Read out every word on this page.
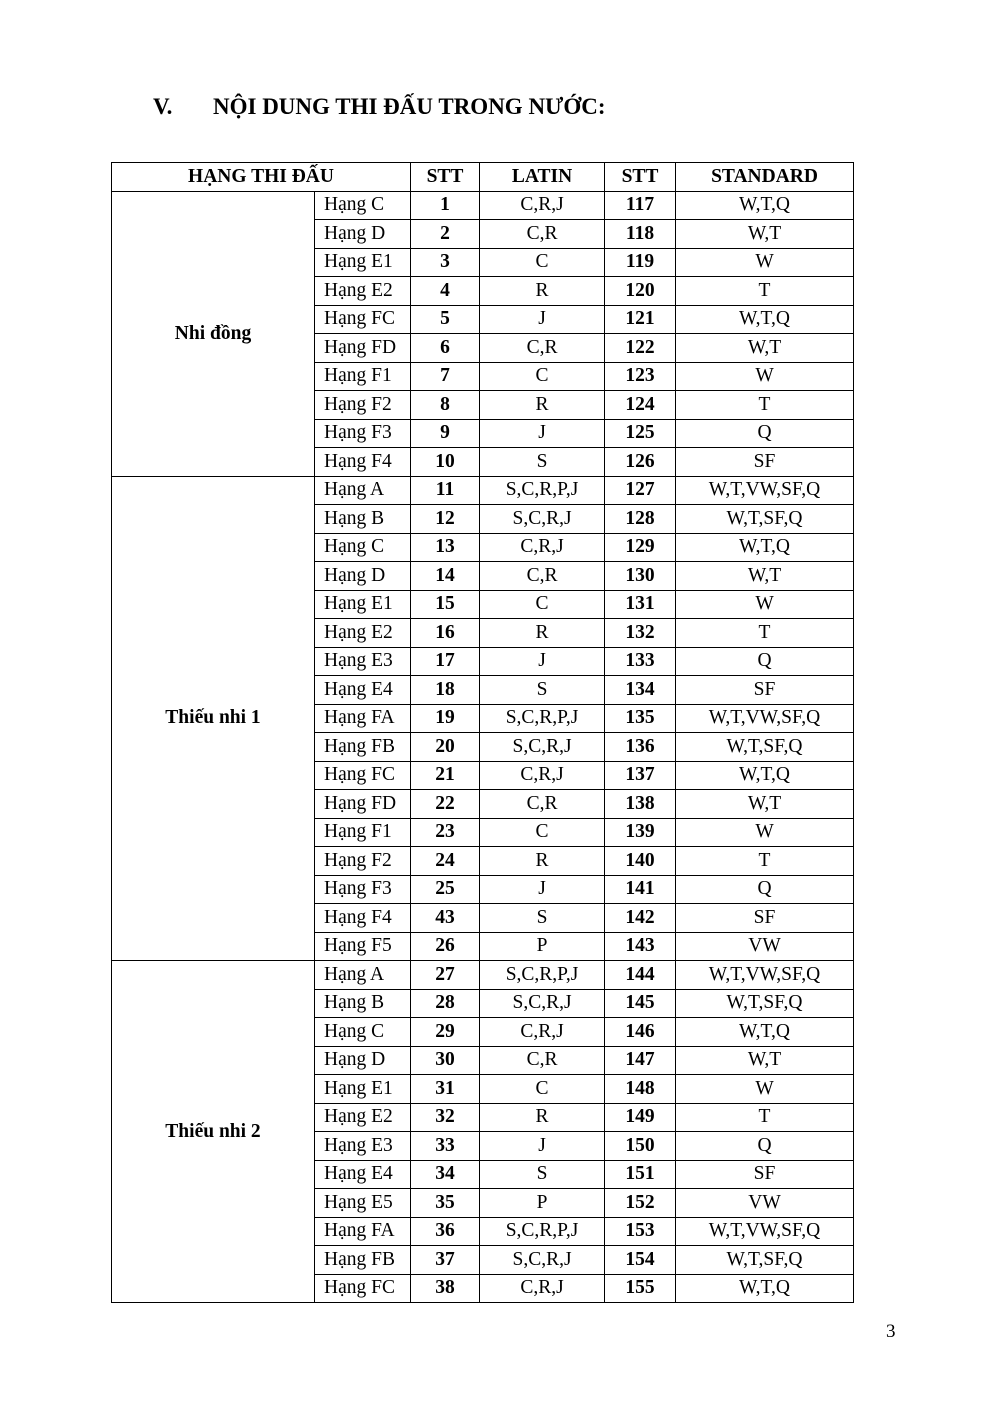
V. NỘI DUNG THI ĐẤU TRONG NƯỚC:
HẠNG THI ĐẤU		STT	LATIN	STT	STANDARD
Nhi đồng	Hạng C	1	C,R,J	117	W,T,Q
	Hạng D	2	C,R	118	W,T
	Hạng E1	3	C	119	W
	Hạng E2	4	R	120	T
	Hạng FC	5	J	121	W,T,Q
	Hạng FD	6	C,R	122	W,T
	Hạng F1	7	C	123	W
	Hạng F2	8	R	124	T
	Hạng F3	9	J	125	Q
	Hạng F4	10	S	126	SF
Thiếu nhi 1	Hạng A	11	S,C,R,P,J	127	W,T,VW,SF,Q
	Hạng B	12	S,C,R,J	128	W,T,SF,Q
	Hạng C	13	C,R,J	129	W,T,Q
	Hạng D	14	C,R	130	W,T
	Hạng E1	15	C	131	W
	Hạng E2	16	R	132	T
	Hạng E3	17	J	133	Q
	Hạng E4	18	S	134	SF
	Hạng FA	19	S,C,R,P,J	135	W,T,VW,SF,Q
	Hạng FB	20	S,C,R,J	136	W,T,SF,Q
	Hạng FC	21	C,R,J	137	W,T,Q
	Hạng FD	22	C,R	138	W,T
	Hạng F1	23	C	139	W
	Hạng F2	24	R	140	T
	Hạng F3	25	J	141	Q
	Hạng F4	43	S	142	SF
	Hạng F5	26	P	143	VW
Thiếu nhi 2	Hạng A	27	S,C,R,P,J	144	W,T,VW,SF,Q
	Hạng B	28	S,C,R,J	145	W,T,SF,Q
	Hạng C	29	C,R,J	146	W,T,Q
	Hạng D	30	C,R	147	W,T
	Hạng E1	31	C	148	W
	Hạng E2	32	R	149	T
	Hạng E3	33	J	150	Q
	Hạng E4	34	S	151	SF
	Hạng E5	35	P	152	VW
	Hạng FA	36	S,C,R,P,J	153	W,T,VW,SF,Q
	Hạng FB	37	S,C,R,J	154	W,T,SF,Q
	Hạng FC	38	C,R,J	155	W,T,Q
3
